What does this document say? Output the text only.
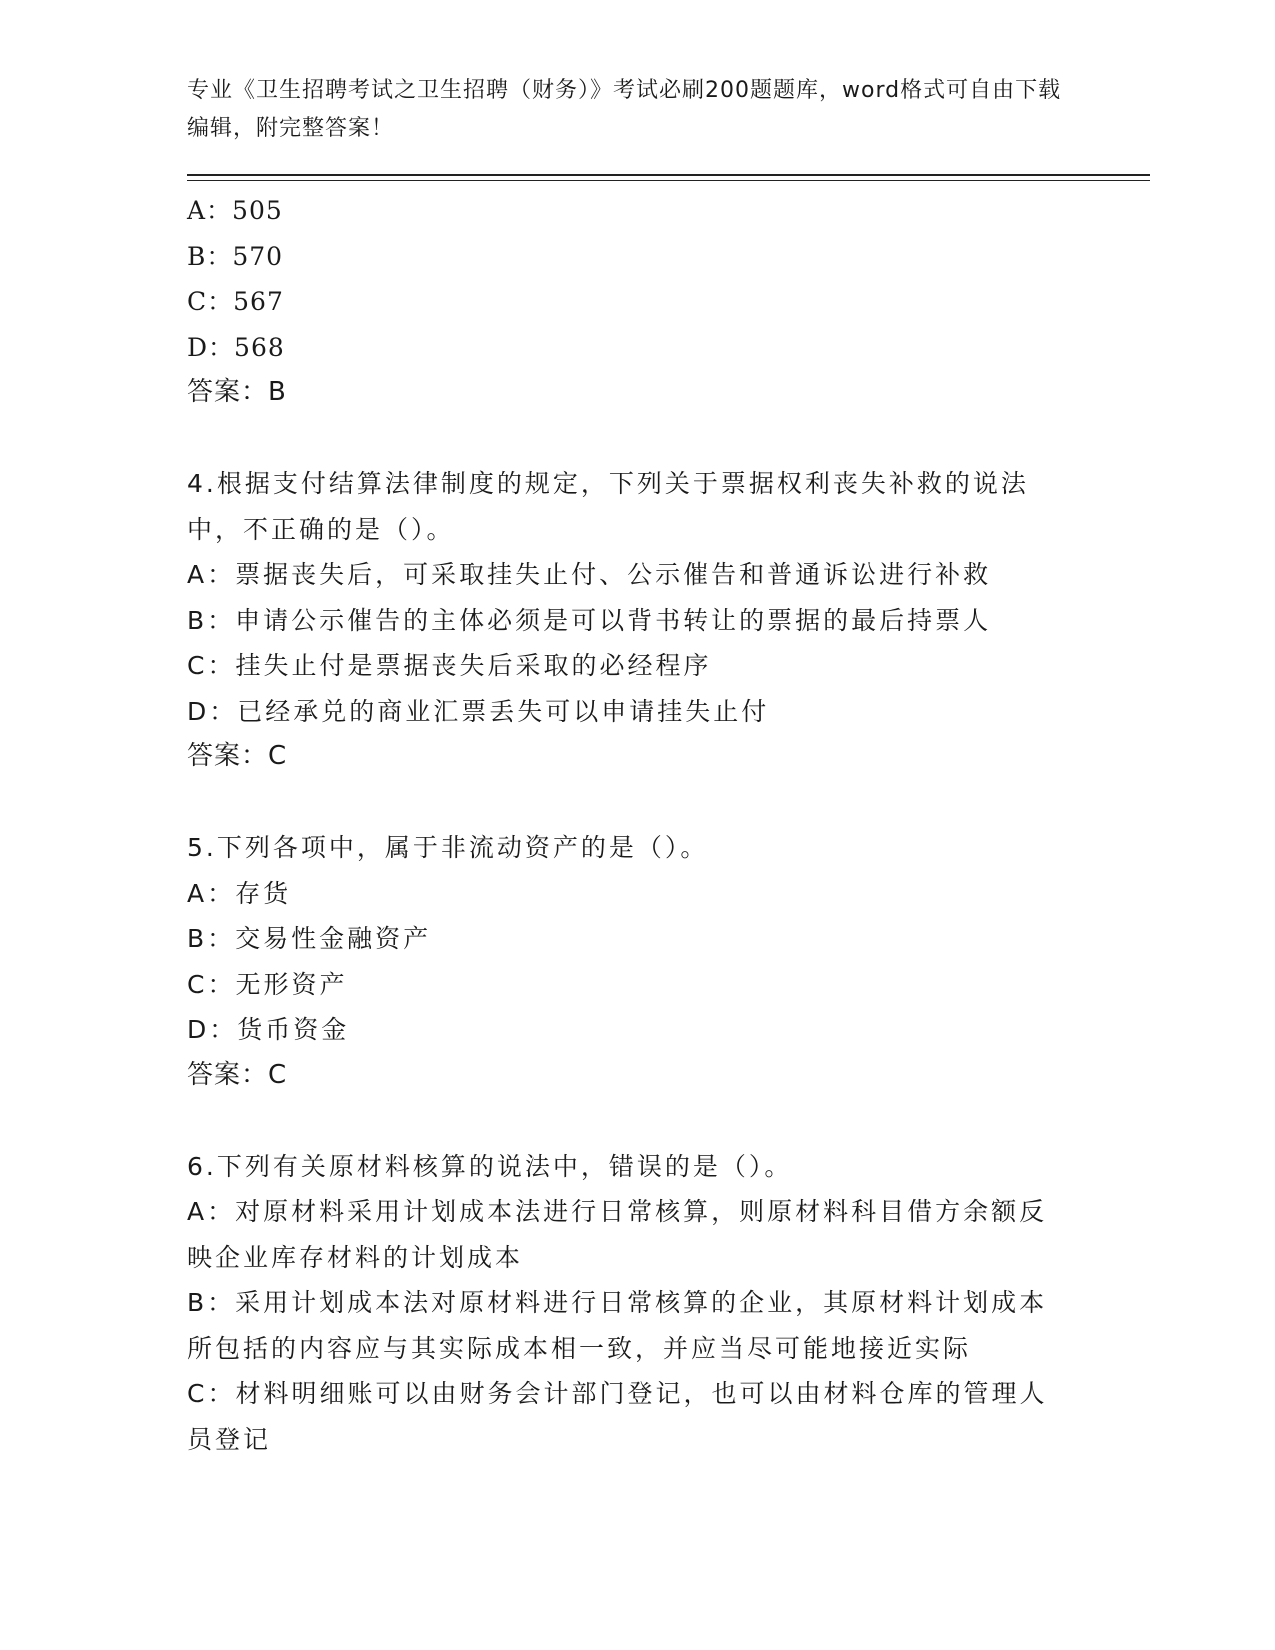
专业《卫生招聘考试之卫生招聘（财务）》考试必刷200题题库，word格式可自由下载编辑，附完整答案！
A：505
B：570
C：567
D：568
答案：B
4.根据支付结算法律制度的规定，下列关于票据权利丧失补救的说法
中，不正确的是（）。
A：票据丧失后，可采取挂失止付、公示催告和普通诉讼进行补救
B：申请公示催告的主体必须是可以背书转让的票据的最后持票人
C：挂失止付是票据丧失后采取的必经程序
D：已经承兑的商业汇票丢失可以申请挂失止付
答案：C
5.下列各项中，属于非流动资产的是（）。
A：存货
B：交易性金融资产
C：无形资产
D：货币资金
答案：C
6.下列有关原材料核算的说法中，错误的是（）。
A：对原材料采用计划成本法进行日常核算，则原材料科目借方余额反
映企业库存材料的计划成本
B：采用计划成本法对原材料进行日常核算的企业，其原材料计划成本
所包括的内容应与其实际成本相一致，并应当尽可能地接近实际
C：材料明细账可以由财务会计部门登记，也可以由材料仓库的管理人
员登记
